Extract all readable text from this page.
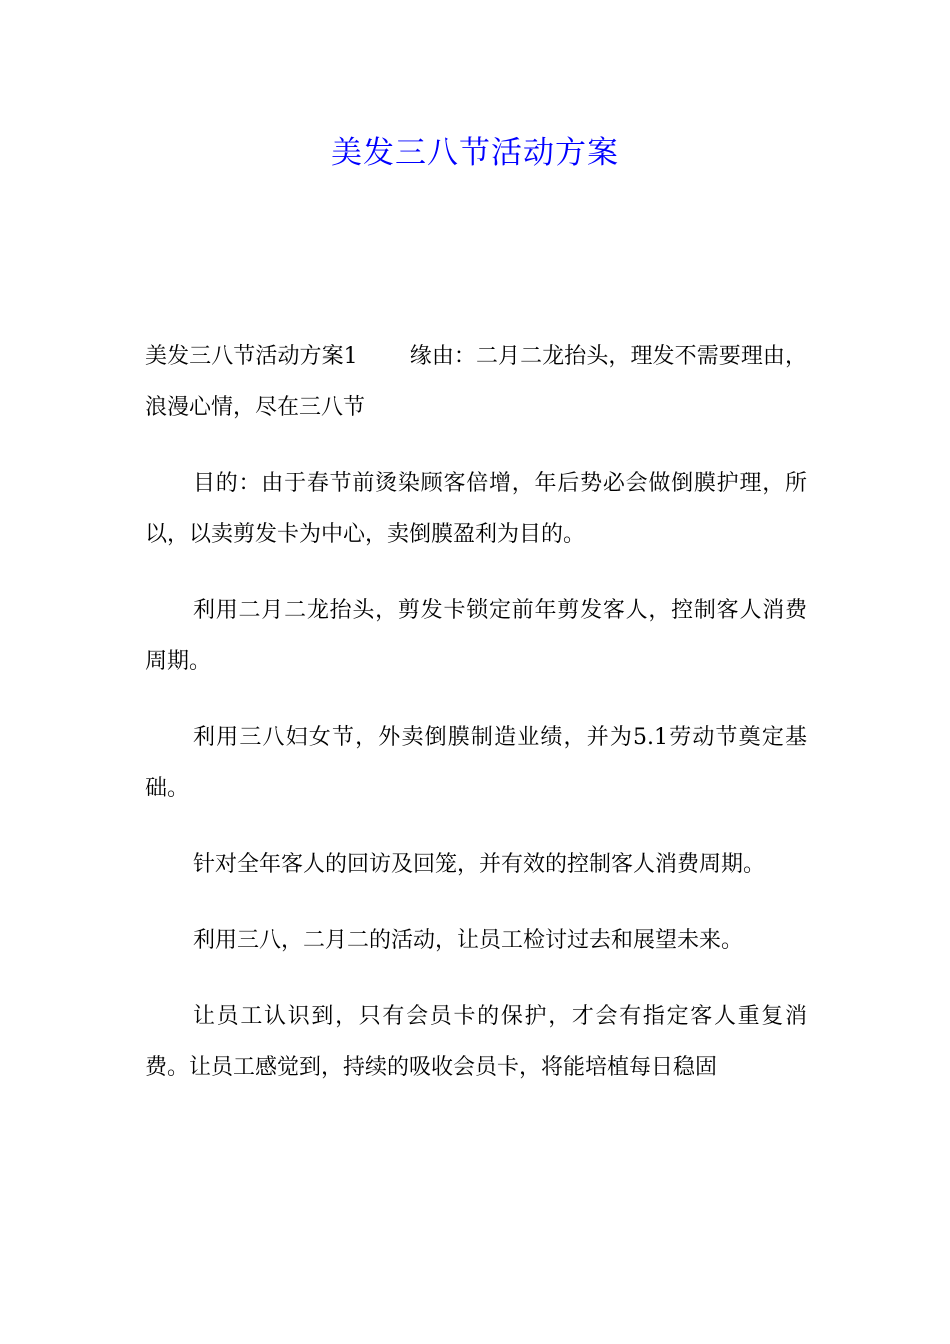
美发三八节活动方案

美发三八节活动方案1 缘由：二月二龙抬头，理发不需要理由，浪漫心情，尽在三八节

目的：由于春节前烫染顾客倍增，年后势必会做倒膜护理，所以，以卖剪发卡为中心，卖倒膜盈利为目的。

利用二月二龙抬头，剪发卡锁定前年剪发客人，控制客人消费周期。

利用三八妇女节，外卖倒膜制造业绩，并为5.1劳动节奠定基础。

针对全年客人的回访及回笼，并有效的控制客人消费周期。

利用三八，二月二的活动，让员工检讨过去和展望未来。

让员工认识到，只有会员卡的保护，才会有指定客人重复消费。让员工感觉到，持续的吸收会员卡，将能培植每日稳固
